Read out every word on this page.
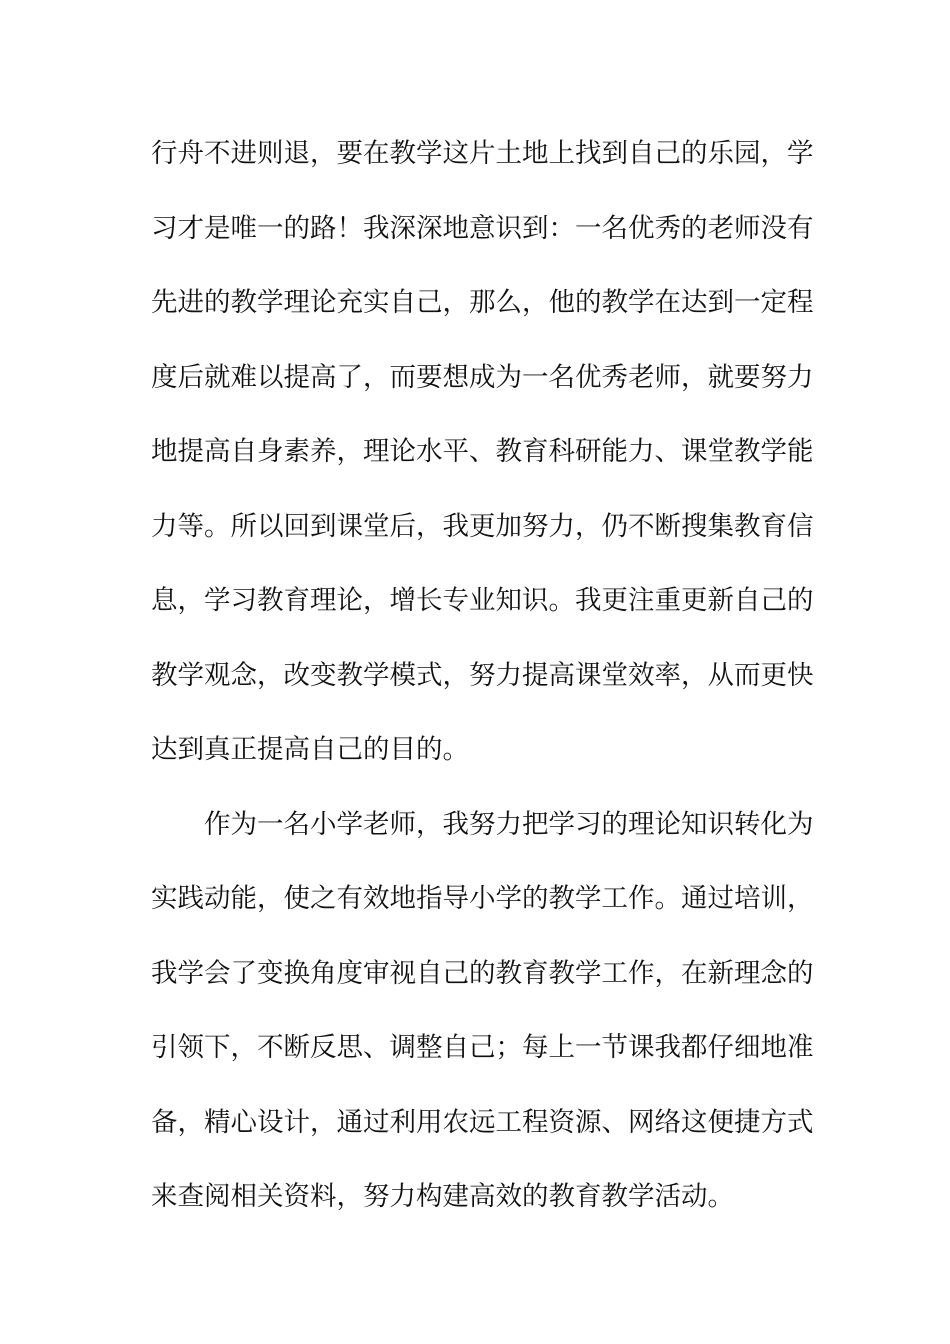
行舟不进则退，要在教学这片土地上找到自己的乐园，学
习才是唯一的路！我深深地意识到：一名优秀的老师没有
先进的教学理论充实自己，那么，他的教学在达到一定程
度后就难以提高了，而要想成为一名优秀老师，就要努力
地提高自身素养，理论水平、教育科研能力、课堂教学能
力等。所以回到课堂后，我更加努力，仍不断搜集教育信
息，学习教育理论，增长专业知识。我更注重更新自己的
教学观念，改变教学模式，努力提高课堂效率，从而更快
达到真正提高自己的目的。
作为一名小学老师，我努力把学习的理论知识转化为
实践动能，使之有效地指导小学的教学工作。通过培训，
我学会了变换角度审视自己的教育教学工作，在新理念的
引领下，不断反思、调整自己；每上一节课我都仔细地准
备，精心设计，通过利用农远工程资源、网络这便捷方式
来查阅相关资料，努力构建高效的教育教学活动。
